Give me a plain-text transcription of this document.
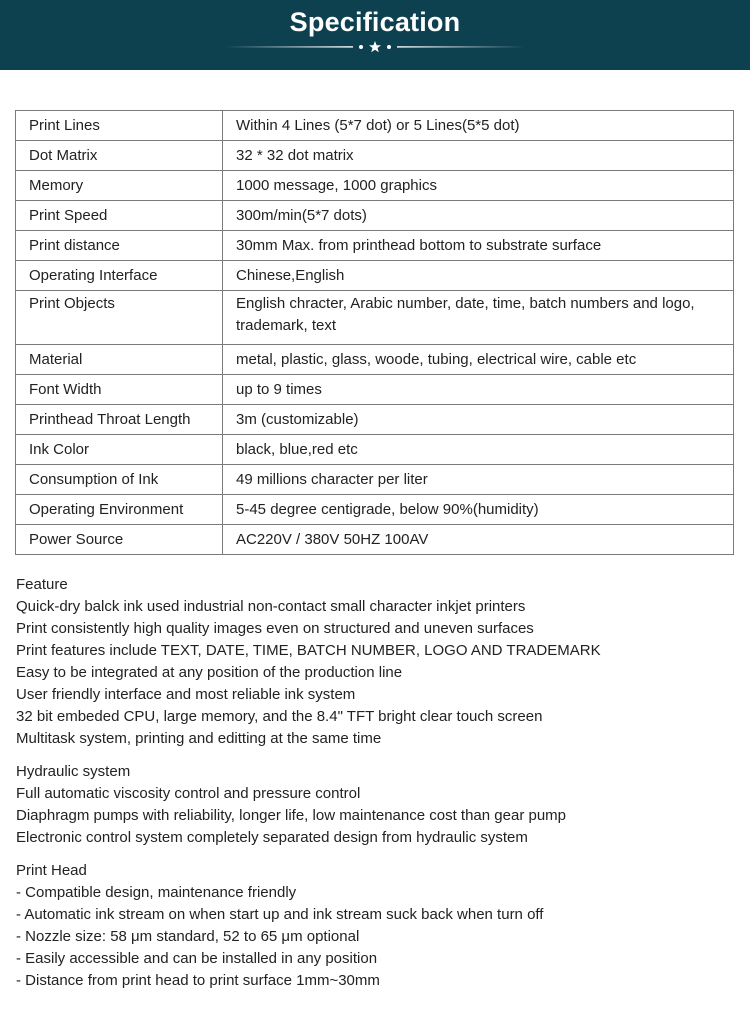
Specification
Print Lines	Within 4 Lines (5*7 dot) or 5 Lines(5*5 dot)
Dot Matrix	32 * 32 dot matrix
Memory	1000 message, 1000 graphics
Print Speed	300m/min(5*7 dots)
Print distance	30mm Max. from printhead bottom to substrate surface
Operating Interface	Chinese,English
Print Objects	English chracter, Arabic number, date, time, batch numbers and logo, trademark, text
Material	metal, plastic, glass, woode, tubing, electrical wire, cable etc
Font Width	up to 9 times
Printhead Throat Length	3m (customizable)
Ink Color	black, blue,red etc
Consumption of Ink	49 millions character per liter
Operating Environment	5-45 degree centigrade, below 90%(humidity)
Power Source	AC220V / 380V 50HZ 100AV

Feature

Quick-dry balck ink used industrial non-contact small character inkjet printers

Print consistently high quality images even on structured and uneven surfaces

Print features include TEXT, DATE, TIME, BATCH NUMBER, LOGO AND TRADEMARK

Easy to be integrated at any position of the production line

User friendly interface and most reliable ink system

32 bit embeded CPU, large memory, and the 8.4" TFT bright clear touch screen

Multitask system, printing and editting at the same time

Hydraulic system

Full automatic viscosity control and pressure control

Diaphragm pumps with reliability, longer life, low maintenance cost than gear pump

Electronic control system completely separated design from hydraulic system

Print Head

- Compatible design, maintenance friendly

- Automatic ink stream on when start up and ink stream suck back when turn off

- Nozzle size: 58 μm standard, 52 to 65 μm optional

- Easily accessible and can be installed in any position

- Distance from print head to print surface 1mm~30mm
